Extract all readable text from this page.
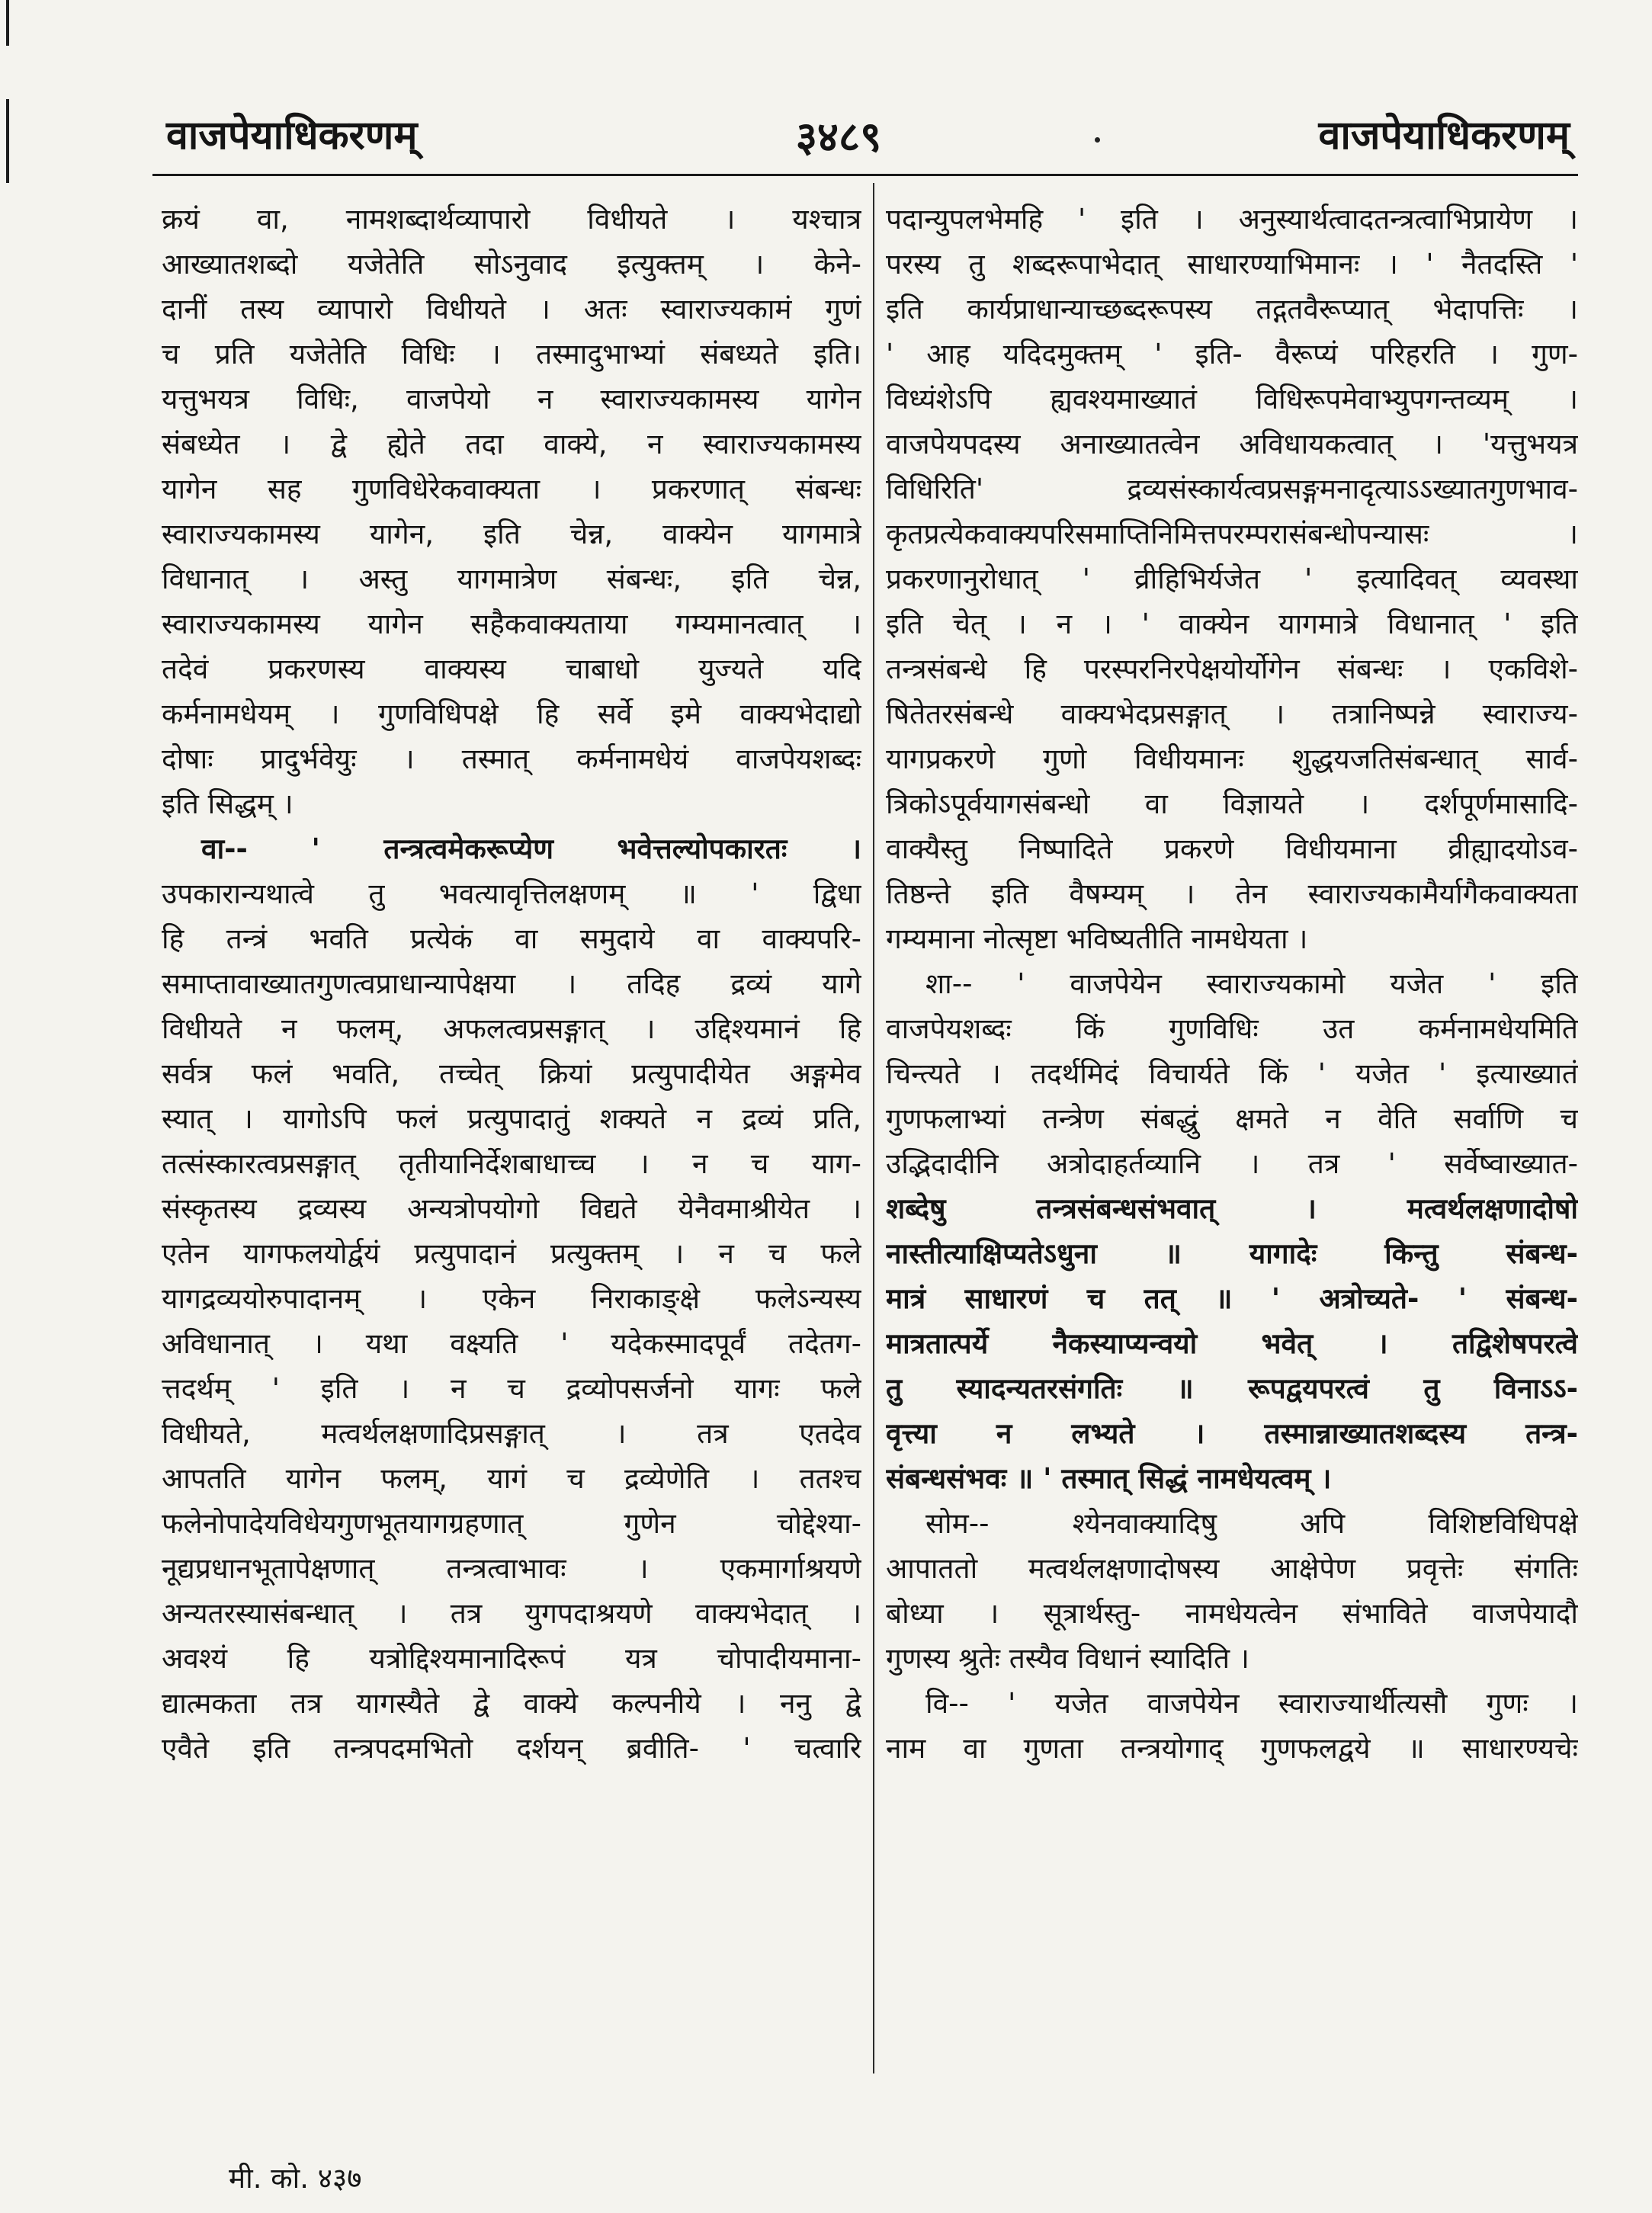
वाजपेयाधिकरणम्	३४८९	वाजपेयाधिकरणम्
क्रयं वा, नामशब्दार्थव्यापारो विधीयते । यश्चात्र
आख्यातशब्दो यजेतेति सोऽनुवाद इत्युक्तम् । केने-
दानीं तस्य व्यापारो विधीयते । अतः स्वाराज्यकामं गुणं
च प्रति यजेतेति विधिः । तस्मादुभाभ्यां संबध्यते इति।
यत्तुभयत्र विधिः, वाजपेयो न स्वाराज्यकामस्य यागेन
संबध्येत । द्वे ह्येते तदा वाक्ये, न स्वाराज्यकामस्य
यागेन सह गुणविधेरेकवाक्यता । प्रकरणात् संबन्धः
स्वाराज्यकामस्य यागेन, इति चेन्न, वाक्येन यागमात्रे
विधानात् । अस्तु यागमात्रेण संबन्धः, इति चेन्न,
स्वाराज्यकामस्य यागेन सहैकवाक्यताया गम्यमानत्वात् ।
तदेवं प्रकरणस्य वाक्यस्य चाबाधो युज्यते यदि
कर्मनामधेयम् । गुणविधिपक्षे हि सर्वे इमे वाक्यभेदाद्यो
दोषाः प्रादुर्भवेयुः । तस्मात् कर्मनामधेयं वाजपेयशब्दः
इति सिद्धम् ।
वा-- ' तन्त्रत्वमेकरूप्येण भवेत्तल्योपकारतः ।
उपकारान्यथात्वे तु भवत्यावृत्तिलक्षणम् ॥ ' द्विधा
हि तन्त्रं भवति प्रत्येकं वा समुदाये वा वाक्यपरि-
समाप्तावाख्यातगुणत्वप्राधान्यापेक्षया । तदिह द्रव्यं यागे
विधीयते न फलम्, अफलत्वप्रसङ्गात् । उद्दिश्यमानं हि
सर्वत्र फलं भवति, तच्चेत् क्रियां प्रत्युपादीयेत अङ्गमेव
स्यात् । यागोऽपि फलं प्रत्युपादातुं शक्यते न द्रव्यं प्रति,
तत्संस्कारत्वप्रसङ्गात् तृतीयानिर्देशबाधाच्च । न च याग-
संस्कृतस्य द्रव्यस्य अन्यत्रोपयोगो विद्यते येनैवमाश्रीयेत ।
एतेन यागफलयोर्द्वयं प्रत्युपादानं प्रत्युक्तम् । न च फले
यागद्रव्ययोरुपादानम् । एकेन निराकाङ्क्षे फलेऽन्यस्य
अविधानात् । यथा वक्ष्यति ' यदेकस्मादपूर्वं तदेतग-
त्तदर्थम् ' इति । न च द्रव्योपसर्जनो यागः फले
विधीयते, मत्वर्थलक्षणादिप्रसङ्गात् । तत्र एतदेव
आपतति यागेन फलम्, यागं च द्रव्येणेति । ततश्च
फलेनोपादेयविधेयगुणभूतयागग्रहणात् गुणेन चोद्देश्या-
नूद्यप्रधानभूतापेक्षणात् तन्त्रत्वाभावः । एकमार्गाश्रयणे
अन्यतरस्यासंबन्धात् । तत्र युगपदाश्रयणे वाक्यभेदात् ।
अवश्यं हि यत्रोद्दिश्यमानादिरूपं यत्र चोपादीयमाना-
द्यात्मकता तत्र यागस्यैते द्वे वाक्ये कल्पनीये । ननु द्वे
एवैते इति तन्त्रपदमभितो दर्शयन् ब्रवीति- ' चत्वारि
पदान्युपलभेमहि ' इति । अनुस्यार्थत्वादतन्त्रत्वाभिप्रायेण ।
परस्य तु शब्दरूपाभेदात् साधारण्याभिमानः । ' नैतदस्ति '
इति कार्यप्राधान्याच्छब्दरूपस्य तद्गतवैरूप्यात् भेदापत्तिः ।
' आह यदिदमुक्तम् ' इति- वैरूप्यं परिहरति । गुण-
विध्यंशेऽपि ह्यवश्यमाख्यातं विधिरूपमेवाभ्युपगन्तव्यम् ।
वाजपेयपदस्य अनाख्यातत्वेन अविधायकत्वात् । 'यत्तुभयत्र
विधिरिति' द्रव्यसंस्कार्यत्वप्रसङ्गमनादृत्याऽऽख्यातगुणभाव-
कृतप्रत्येकवाक्यपरिसमाप्तिनिमित्तपरम्परासंबन्धोपन्यासः ।
प्रकरणानुरोधात् ' व्रीहिभिर्यजेत ' इत्यादिवत् व्यवस्था
इति चेत् । न । ' वाक्येन यागमात्रे विधानात् ' इति
तन्त्रसंबन्धे हि परस्परनिरपेक्षयोर्योगेन संबन्धः । एकविशे-
षितेतरसंबन्धे वाक्यभेदप्रसङ्गात् । तत्रानिष्पन्ने स्वाराज्य-
यागप्रकरणे गुणो विधीयमानः शुद्धयजतिसंबन्धात् सार्व-
त्रिकोऽपूर्वयागसंबन्धो वा विज्ञायते । दर्शपूर्णमासादि-
वाक्यैस्तु निष्पादिते प्रकरणे विधीयमाना व्रीह्यादयोऽव-
तिष्ठन्ते इति वैषम्यम् । तेन स्वाराज्यकामैर्यागैकवाक्यता
गम्यमाना नोत्सृष्टा भविष्यतीति नामधेयता ।
शा-- ' वाजपेयेन स्वाराज्यकामो यजेत ' इति
वाजपेयशब्दः किं गुणविधिः उत कर्मनामधेयमिति
चिन्त्यते । तदर्थमिदं विचार्यते किं ' यजेत ' इत्याख्यातं
गुणफलाभ्यां तन्त्रेण संबद्धुं क्षमते न वेति सर्वाणि च
उद्भिदादीनि अत्रोदाहर्तव्यानि । तत्र ' सर्वेष्वाख्यात-
शब्देषु तन्त्रसंबन्धसंभवात् । मत्वर्थलक्षणादोषो
नास्तीत्याक्षिप्यतेऽधुना ॥ यागादेः किन्तु संबन्ध-
मात्रं साधारणं च तत् ॥ ' अत्रोच्यते- ' संबन्ध-
मात्रतात्पर्ये नैकस्याप्यन्वयो भवेत् । तद्विशेषपरत्वे
तु स्यादन्यतरसंगतिः ॥ रूपद्वयपरत्वं तु विनाऽऽ-
वृत्त्या न लभ्यते । तस्मान्नाख्यातशब्दस्य तन्त्र-
संबन्धसंभवः ॥ ' तस्मात् सिद्धं नामधेयत्वम् ।
सोम-- श्येनवाक्यादिषु अपि विशिष्टविधिपक्षे
आपाततो मत्वर्थलक्षणादोषस्य आक्षेपेण प्रवृत्तेः संगतिः
बोध्या । सूत्रार्थस्तु- नामधेयत्वेन संभाविते वाजपेयादौ
गुणस्य श्रुतेः तस्यैव विधानं स्यादिति ।
वि-- ' यजेत वाजपेयेन स्वाराज्यार्थीत्यसौ गुणः ।
नाम वा गुणता तन्त्रयोगाद् गुणफलद्वये ॥ साधारण्यचेः
मी. को. ४३७
